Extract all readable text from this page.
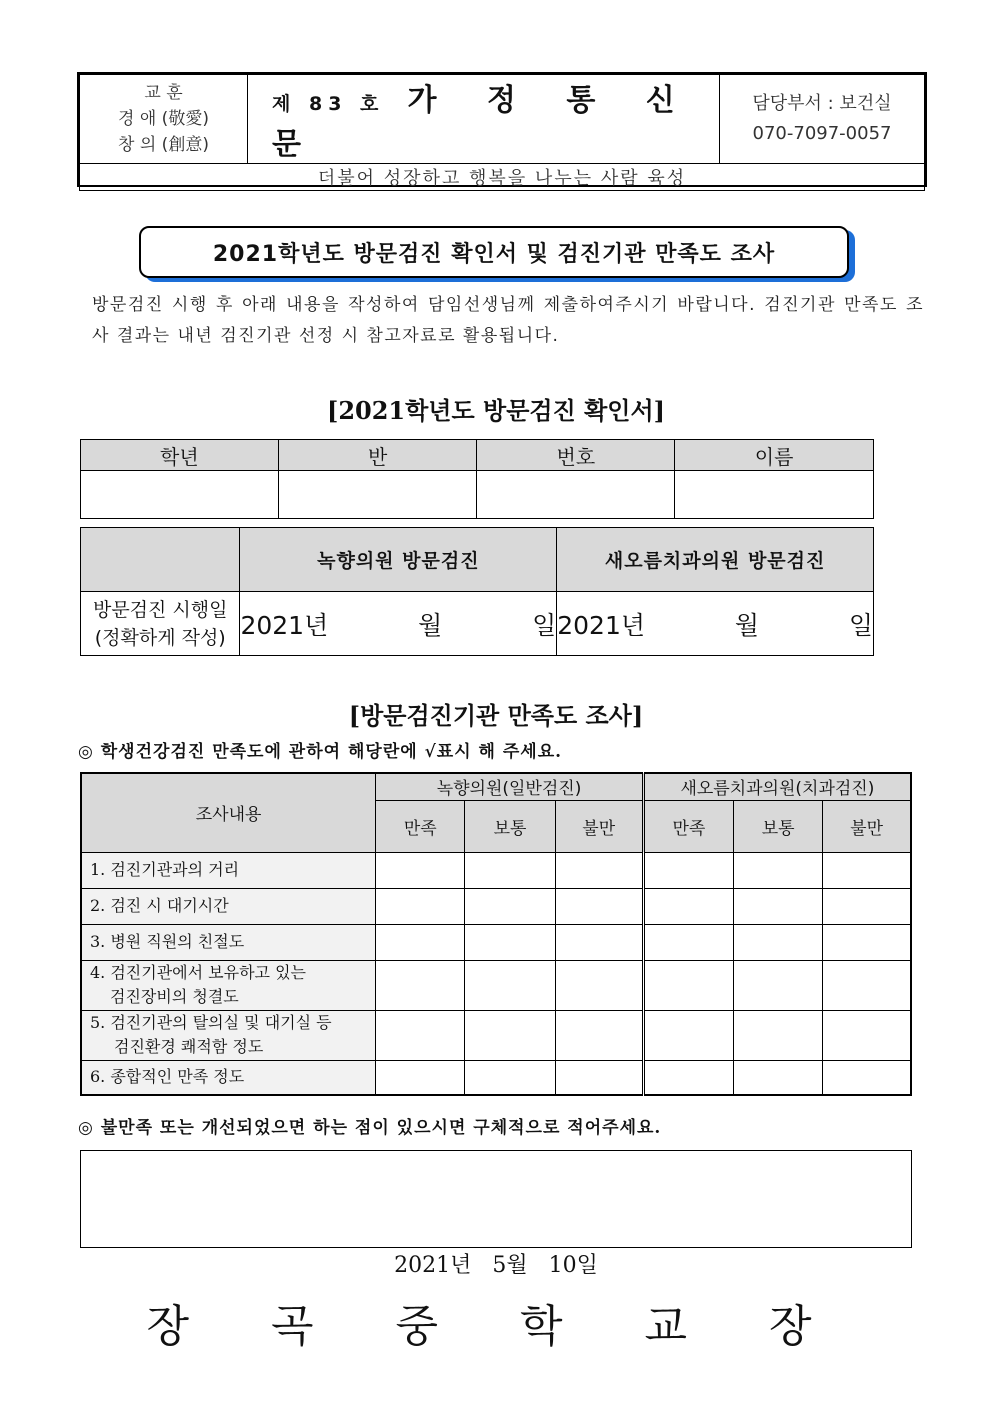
교 훈
경 애 (敬愛)
창 의 (創意)
	제 83 호 가 정 통 신 문	
담당부서 : 보건실
070-7097-0057

더불어 성장하고 행복을 나누는 사람 육성
2021학년도 방문검진 확인서 및 검진기관 만족도 조사
방문검진 시행 후 아래 내용을 작성하여 담임선생님께 제출하여주시기 바랍니다. 검진기관 만족도 조사 결과는 내년 검진기관 선정 시 참고자료로 활용됩니다.
[2021학년도 방문검진 확인서]
학년	반	번호	이름

	녹향의원 방문검진	새오름치과의원 방문검진

방문검진 시행일
(정확하게 작성)	2021년   월   일	2021년   월   일
[방문검진기관 만족도 조사]
◎ 학생건강검진 만족도에 관하여 해당란에 √표시 해 주세요.
조사내용	녹향의원(일반검진)			새오름치과의원(치과검진)		
	만족	보통	불만	만족	보통	불만

1. 검진기관과의 거리						

2. 검진 시 대기시간						

3. 병원 직원의 친절도						

4. 검진기관에서 보유하고 있는
검진장비의 청결도						

5. 검진기관의 탈의실 및 대기실 등
검진환경 쾌적함 정도						

6. 종합적인 만족 정도						

◎ 불만족 또는 개선되었으면 하는 점이 있으시면 구체적으로 적어주세요.
2021년 5월 10일
장 곡 중 학 교 장
